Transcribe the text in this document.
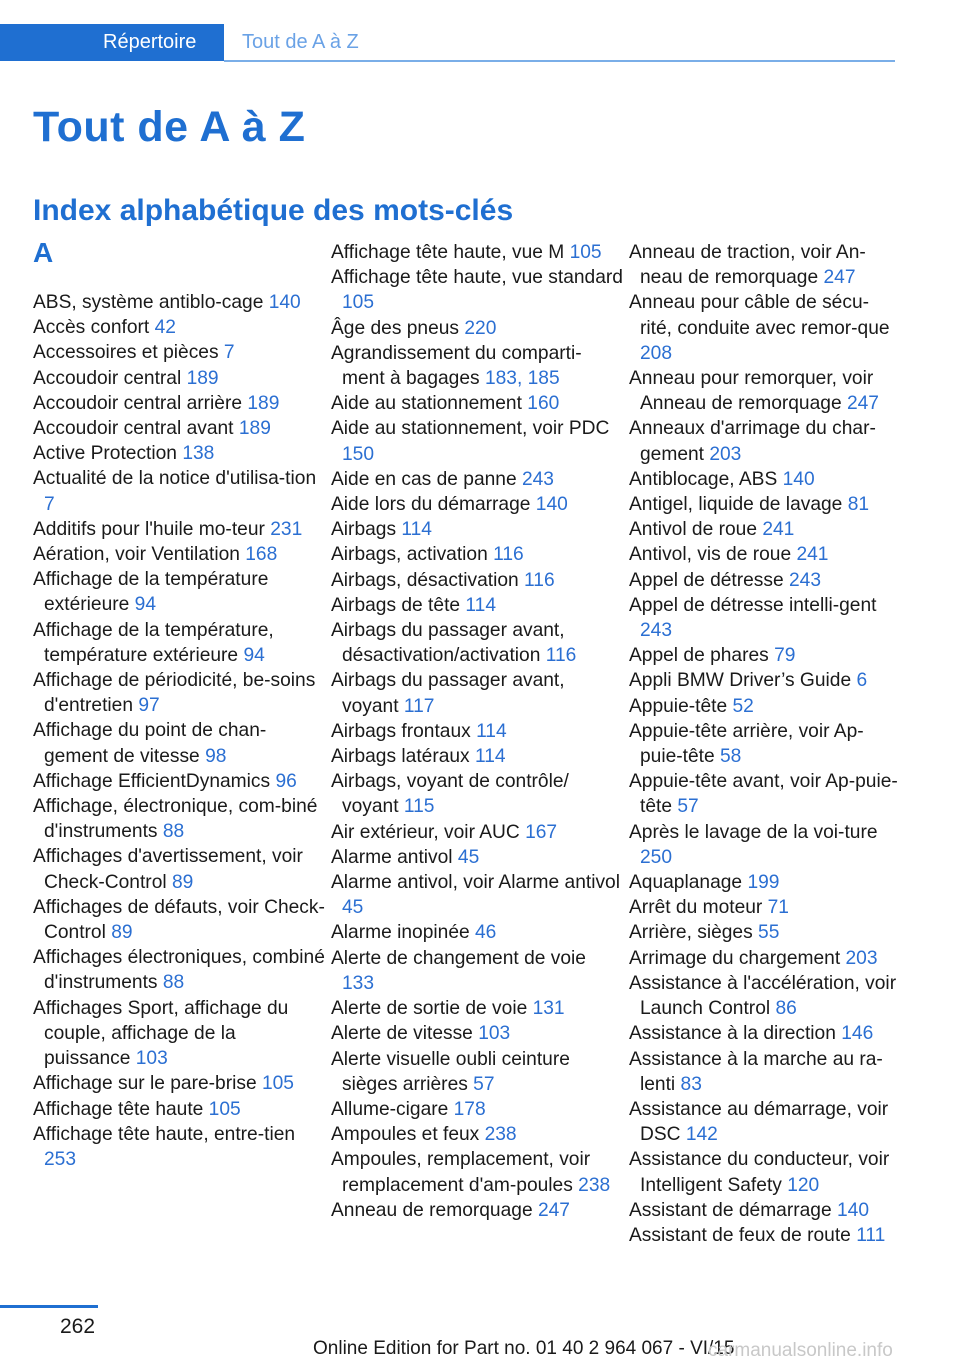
Répertoire	Tout de A à Z
Tout de A à Z
Index alphabétique des mots-clés
A
ABS, système antiblo-cage 140
Accès confort 42
Accessoires et pièces 7
Accoudoir central 189
Accoudoir central arrière 189
Accoudoir central avant 189
Active Protection 138
Actualité de la notice d'utilisa-tion 7
Additifs pour l'huile mo-teur 231
Aération, voir Ventilation 168
Affichage de la température extérieure 94
Affichage de la température, température extérieure 94
Affichage de périodicité, be-soins d'entretien 97
Affichage du point de chan-gement de vitesse 98
Affichage EfficientDynamics 96
Affichage, électronique, com-biné d'instruments 88
Affichages d'avertissement, voir Check-Control 89
Affichages de défauts, voir Check-Control 89
Affichages électroniques, combiné d'instruments 88
Affichages Sport, affichage du couple, affichage de la puissance 103
Affichage sur le pare-brise 105
Affichage tête haute 105
Affichage tête haute, entre-tien 253
Affichage tête haute, vue M 105
Affichage tête haute, vue standard 105
Âge des pneus 220
Agrandissement du comparti-ment à bagages 183, 185
Aide au stationnement 160
Aide au stationnement, voir PDC 150
Aide en cas de panne 243
Aide lors du démarrage 140
Airbags 114
Airbags, activation 116
Airbags, désactivation 116
Airbags de tête 114
Airbags du passager avant, désactivation/activation 116
Airbags du passager avant, voyant 117
Airbags frontaux 114
Airbags latéraux 114
Airbags, voyant de contrôle/ voyant 115
Air extérieur, voir AUC 167
Alarme antivol 45
Alarme antivol, voir Alarme antivol 45
Alarme inopinée 46
Alerte de changement de voie 133
Alerte de sortie de voie 131
Alerte de vitesse 103
Alerte visuelle oubli ceinture sièges arrières 57
Allume-cigare 178
Ampoules et feux 238
Ampoules, remplacement, voir remplacement d'am-poules 238
Anneau de remorquage 247
Anneau de traction, voir An-neau de remorquage 247
Anneau pour câble de sécu-rité, conduite avec remor-que 208
Anneau pour remorquer, voir Anneau de remorquage 247
Anneaux d'arrimage du char-gement 203
Antiblocage, ABS 140
Antigel, liquide de lavage 81
Antivol de roue 241
Antivol, vis de roue 241
Appel de détresse 243
Appel de détresse intelli-gent 243
Appel de phares 79
Appli BMW Driver’s Guide 6
Appuie-tête 52
Appuie-tête arrière, voir Ap-puie-tête 58
Appuie-tête avant, voir Ap-puie-tête 57
Après le lavage de la voi-ture 250
Aquaplanage 199
Arrêt du moteur 71
Arrière, sièges 55
Arrimage du chargement 203
Assistance à l'accélération, voir Launch Control 86
Assistance à la direction 146
Assistance à la marche au ra-lenti 83
Assistance au démarrage, voir DSC 142
Assistance du conducteur, voir Intelligent Safety 120
Assistant de démarrage 140
Assistant de feux de route 111
262
Online Edition for Part no. 01 40 2 964 067 - VI/15
carmanualsonline.info
